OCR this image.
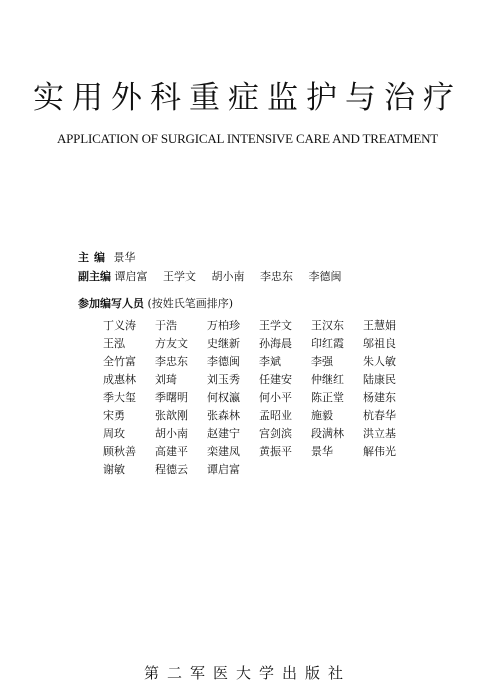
实用外科重症监护与治疗
APPLICATION OF SURGICAL INTENSIVE CARE AND TREATMENT
主编 景华
副主编 谭启富 王学文 胡小南 李忠东 李德闽
参加编写人员 (按姓氏笔画排序)
丁义涛	于浩	万柏珍	王学文	王汉东	王慧娟
王泓	方友文	史继新	孙海晨	印红霞	邬祖良
全竹富	李忠东	李德闽	李斌	李强	朱人敏
成惠林	刘琦	刘玉秀	任建安	仲继红	陆康民
季大玺	季曙明	何权瀛	何小平	陈正堂	杨建东
宋勇	张歆刚	张森林	孟昭业	施毅	杭春华
周玫	胡小南	赵建宁	宫剑滨	段满林	洪立基
顾秋善	高建平	栾建凤	黄振平	景华	解伟光
谢敏	程德云	谭启富
第二军医大学出版社
